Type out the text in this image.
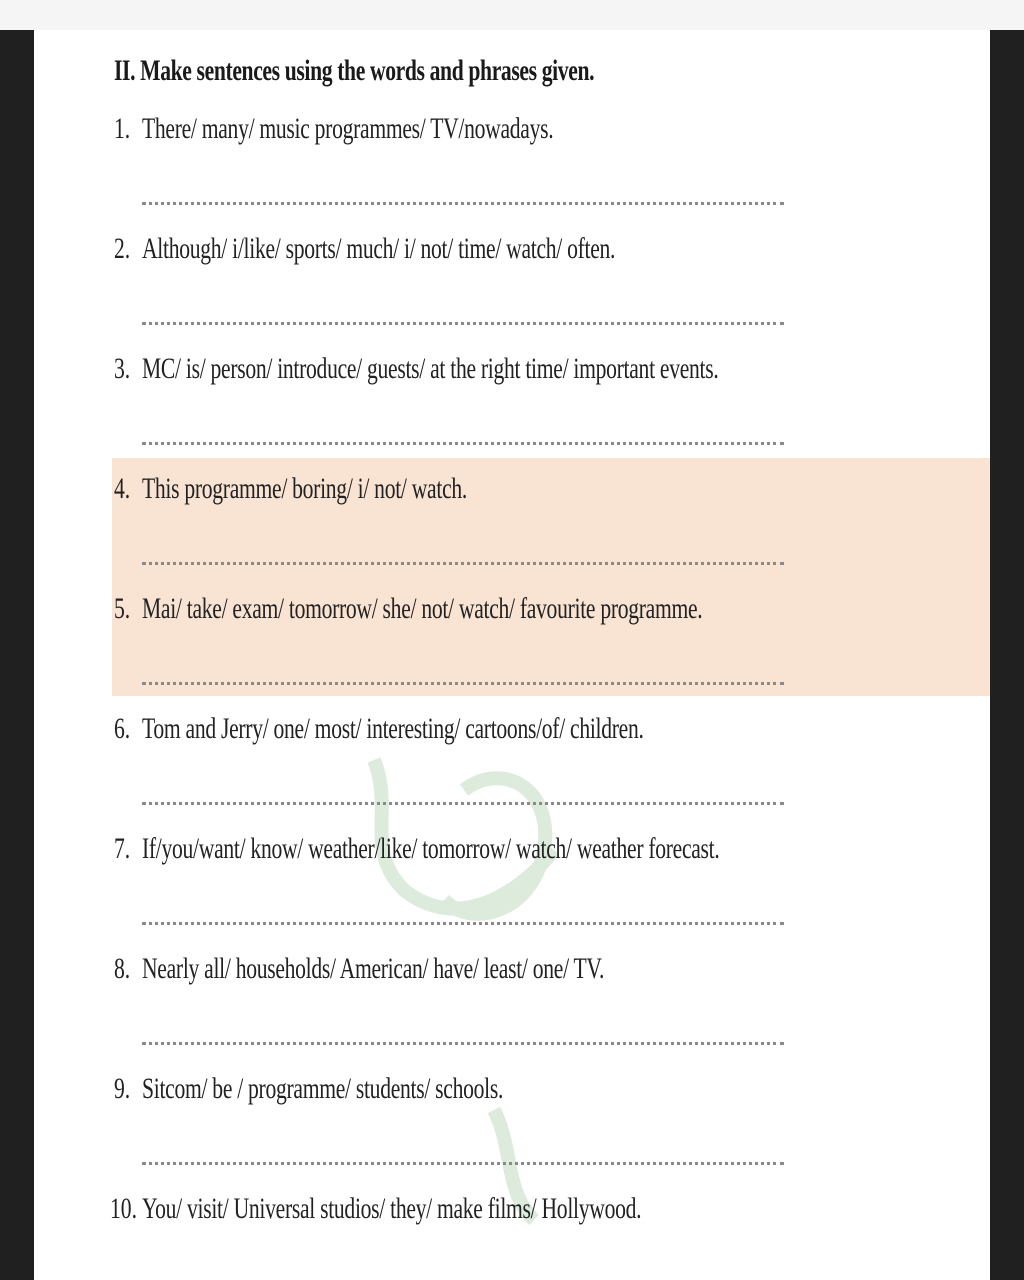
II. Make sentences using the words and phrases given.
1. There/ many/ music programmes/ TV/nowadays.
2. Although/ i/like/ sports/ much/ i/ not/ time/ watch/ often.
3. MC/ is/ person/ introduce/ guests/ at the right time/ important events.
4. This programme/ boring/ i/ not/ watch.
5. Mai/ take/ exam/ tomorrow/ she/ not/ watch/ favourite programme.
6. Tom and Jerry/ one/ most/ interesting/ cartoons/of/ children.
7. If/you/want/ know/ weather/like/ tomorrow/ watch/ weather forecast.
8. Nearly all/ households/ American/ have/ least/ one/ TV.
9. Sitcom/ be / programme/ students/ schools.
10. You/ visit/ Universal studios/ they/ make films/ Hollywood.
